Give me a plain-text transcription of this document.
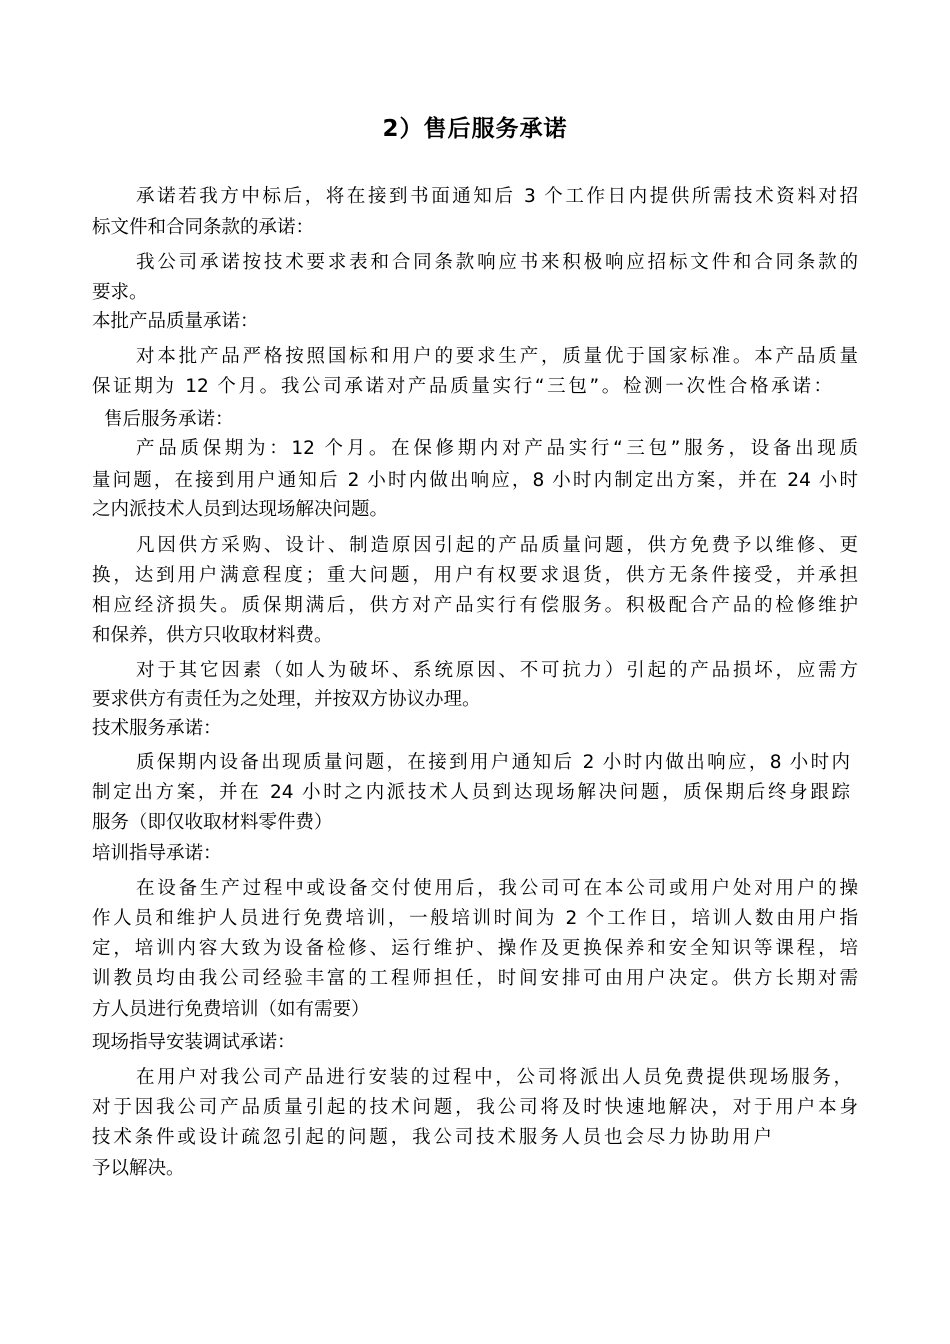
2）售后服务承诺
承诺若我方中标后，将在接到书面通知后 3 个工作日内提供所需技术资料对招
标文件和合同条款的承诺：
我公司承诺按技术要求表和合同条款响应书来积极响应招标文件和合同条款的
要求。
本批产品质量承诺：
对本批产品严格按照国标和用户的要求生产，质量优于国家标准。本产品质量
保证期为 12 个月。我公司承诺对产品质量实行“三包”。检测一次性合格承诺：
售后服务承诺：
产品质保期为：12 个月。在保修期内对产品实行“三包”服务，设备出现质
量问题，在接到用户通知后 2 小时内做出响应，8 小时内制定出方案，并在 24 小时
之内派技术人员到达现场解决问题。
凡因供方采购、设计、制造原因引起的产品质量问题，供方免费予以维修、更
换，达到用户满意程度；重大问题，用户有权要求退货，供方无条件接受，并承担
相应经济损失。质保期满后，供方对产品实行有偿服务。积极配合产品的检修维护
和保养，供方只收取材料费。
对于其它因素（如人为破坏、系统原因、不可抗力）引起的产品损坏，应需方
要求供方有责任为之处理，并按双方协议办理。
技术服务承诺：
质保期内设备出现质量问题，在接到用户通知后 2 小时内做出响应，8 小时内
制定出方案，并在 24 小时之内派技术人员到达现场解决问题，质保期后终身跟踪
服务（即仅收取材料零件费）
培训指导承诺：
在设备生产过程中或设备交付使用后，我公司可在本公司或用户处对用户的操
作人员和维护人员进行免费培训，一般培训时间为 2 个工作日，培训人数由用户指
定，培训内容大致为设备检修、运行维护、操作及更换保养和安全知识等课程，培
训教员均由我公司经验丰富的工程师担任，时间安排可由用户决定。供方长期对需
方人员进行免费培训（如有需要）
现场指导安装调试承诺：
在用户对我公司产品进行安装的过程中，公司将派出人员免费提供现场服务，
对于因我公司产品质量引起的技术问题，我公司将及时快速地解决，对于用户本身
技术条件或设计疏忽引起的问题，我公司技术服务人员也会尽力协助用户
予以解决。
